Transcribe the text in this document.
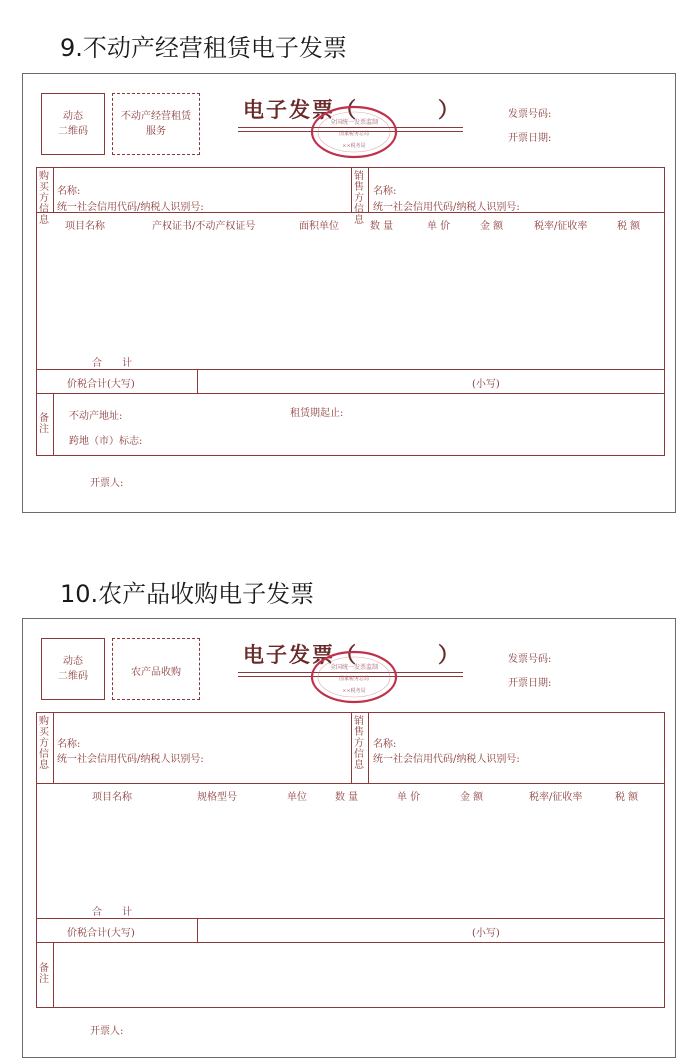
9.不动产经营租赁电子发票
动态
二维码
不动产经营租赁
服务
电子发票（	）
全国统一发票监制
国家税务总局
××税务局
发票号码:
开票日期:
购买方信息
名称:
统一社会信用代码/纳税人识别号:
销售方信息
名称:
统一社会信用代码/纳税人识别号:
项目名称	产权证书/不动产权证号	面积单位	数 量	单 价	金 额	税率/征收率	税 额
合　　计
价税合计(大写)	(小写)
备注
不动产地址:	租赁期起止:
跨地（市）标志:
开票人:
10.农产品收购电子发票
动态
二维码	农产品收购
电子发票（	）
全国统一发票监制
国家税务总局
××税务局
发票号码:
开票日期:
购买方信息
名称:
统一社会信用代码/纳税人识别号:
销售方信息
名称:
统一社会信用代码/纳税人识别号:
项目名称	规格型号	单位	数 量	单 价	金 额	税率/征收率	税 额
合　　计
价税合计(大写)	(小写)
备注
开票人:
